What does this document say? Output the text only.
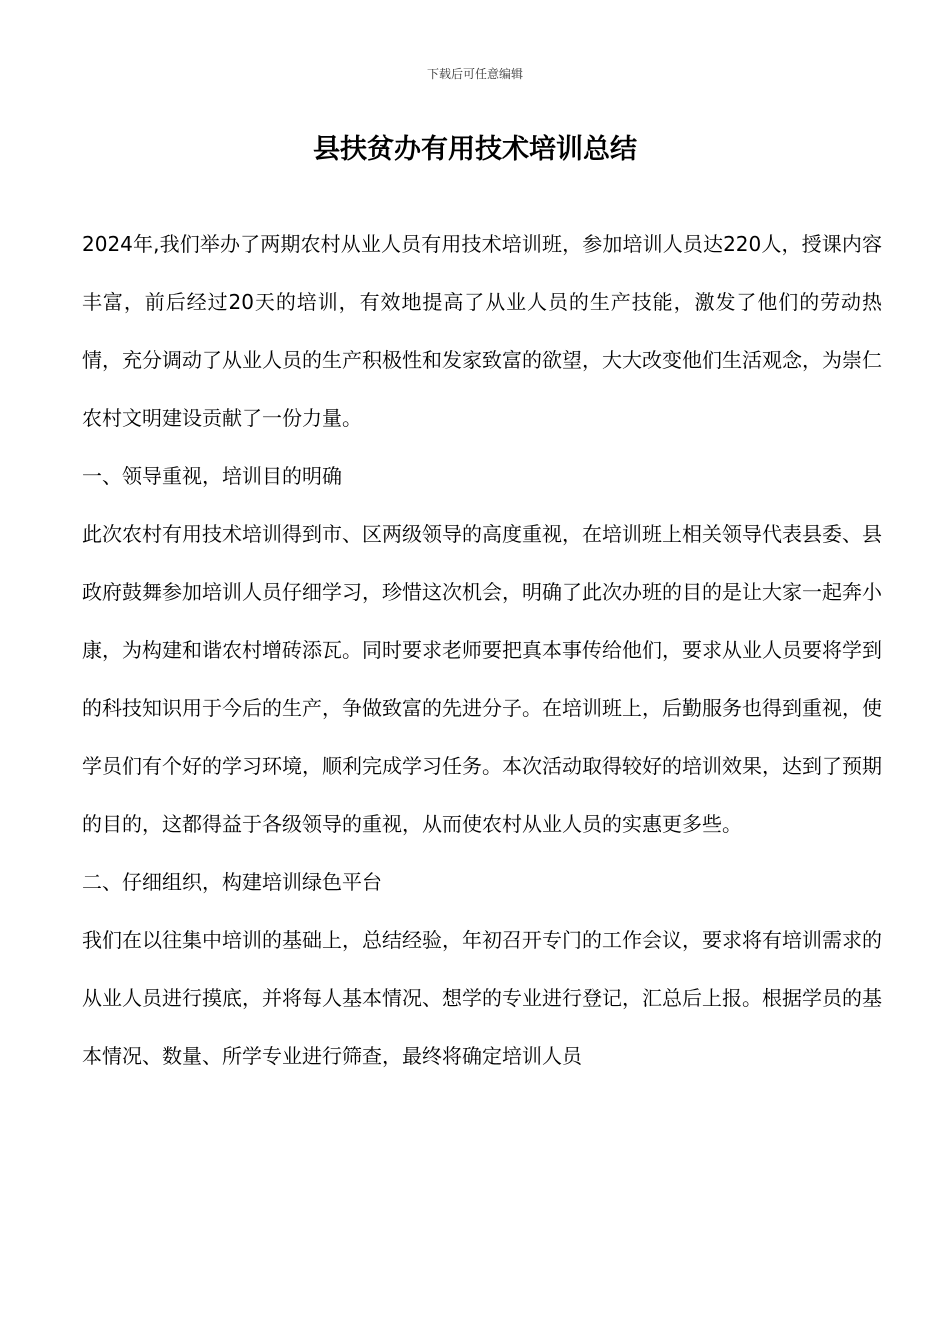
下载后可任意编辑
县扶贫办有用技术培训总结

2024年,我们举办了两期农村从业人员有用技术培训班，参加培训人员达220人，授课内容丰富，前后经过20天的培训，有效地提高了从业人员的生产技能，激发了他们的劳动热情，充分调动了从业人员的生产积极性和发家致富的欲望，大大改变他们生活观念，为崇仁农村文明建设贡献了一份力量。

一、领导重视，培训目的明确

此次农村有用技术培训得到市、区两级领导的高度重视，在培训班上相关领导代表县委、县政府鼓舞参加培训人员仔细学习，珍惜这次机会，明确了此次办班的目的是让大家一起奔小康，为构建和谐农村增砖添瓦。同时要求老师要把真本事传给他们，要求从业人员要将学到的科技知识用于今后的生产，争做致富的先进分子。在培训班上，后勤服务也得到重视，使学员们有个好的学习环境，顺利完成学习任务。本次活动取得较好的培训效果，达到了预期的目的，这都得益于各级领导的重视，从而使农村从业人员的实惠更多些。

二、仔细组织，构建培训绿色平台

我们在以往集中培训的基础上，总结经验，年初召开专门的工作会议，要求将有培训需求的从业人员进行摸底，并将每人基本情况、想学的专业进行登记，汇总后上报。根据学员的基本情况、数量、所学专业进行筛查，最终将确定培训人员
